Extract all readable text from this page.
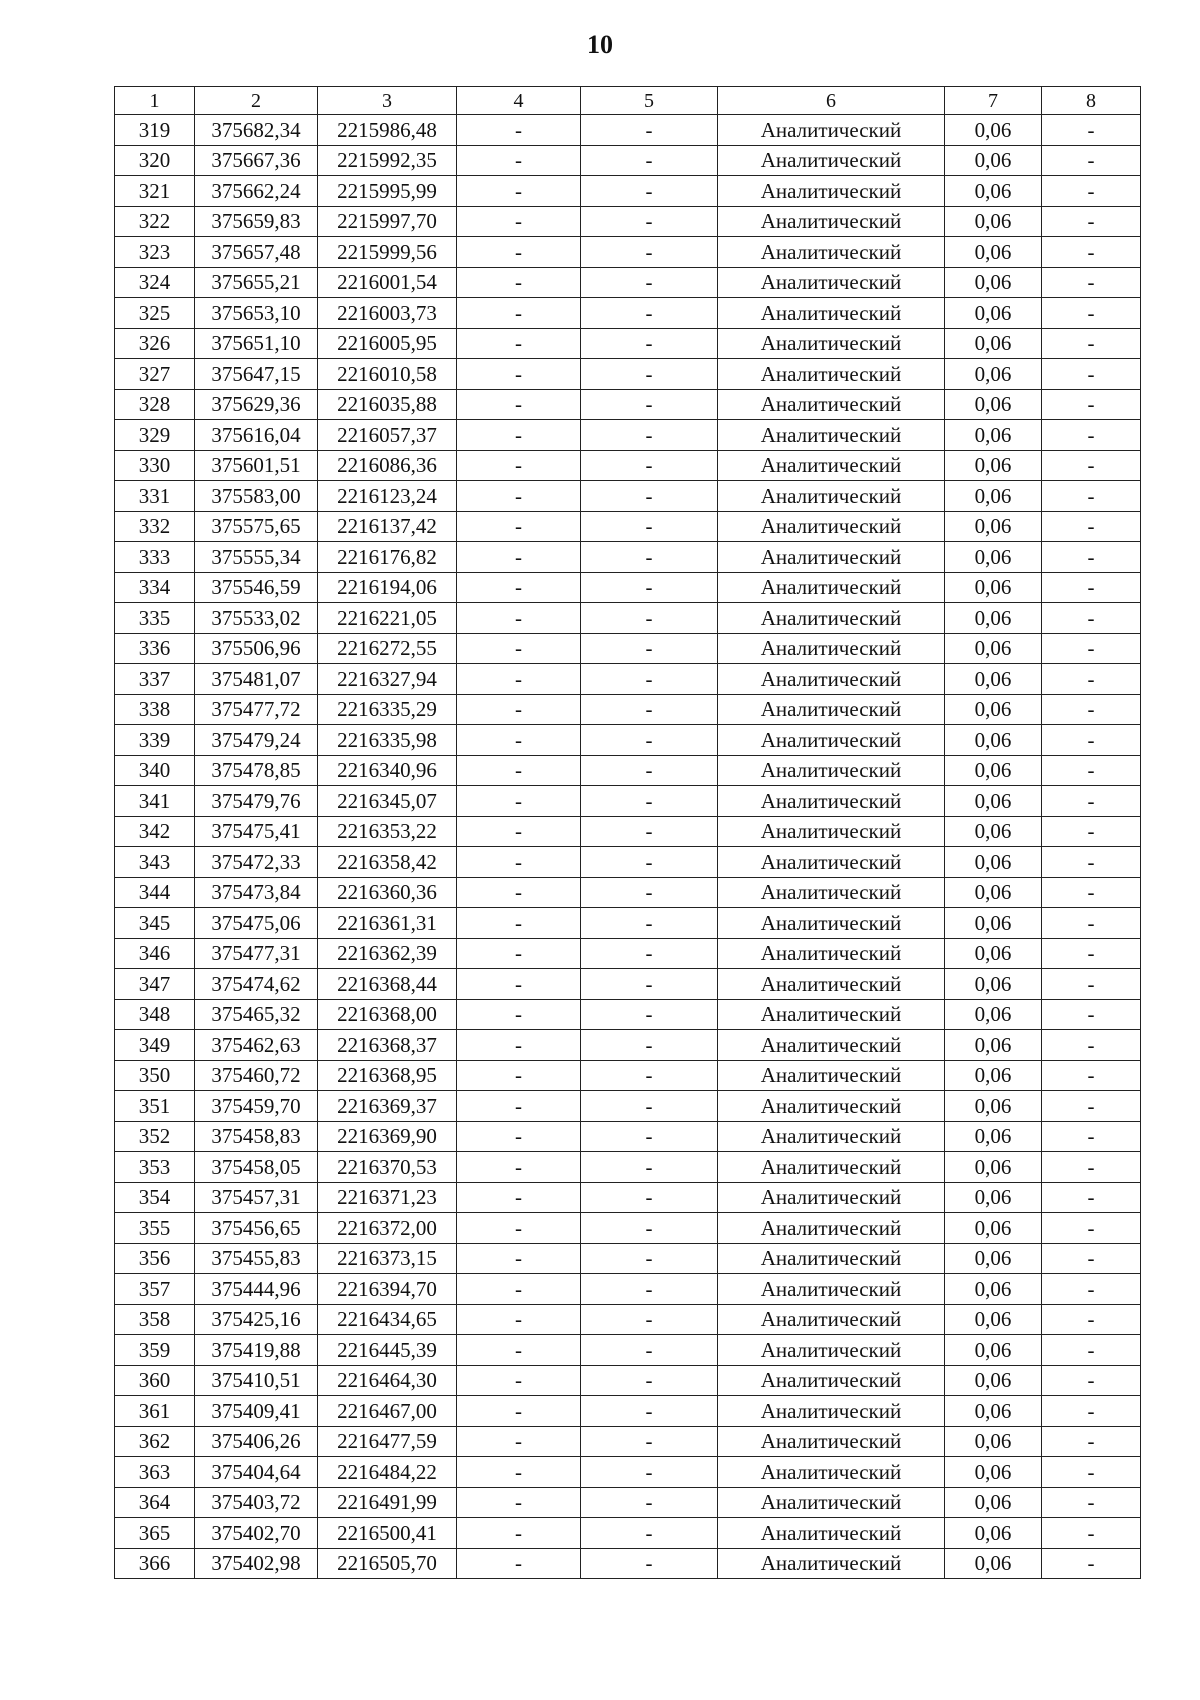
10
1	2	3	4	5	6	7	8
319	375682,34	2215986,48	-	-	Аналитический	0,06	-
320	375667,36	2215992,35	-	-	Аналитический	0,06	-
321	375662,24	2215995,99	-	-	Аналитический	0,06	-
322	375659,83	2215997,70	-	-	Аналитический	0,06	-
323	375657,48	2215999,56	-	-	Аналитический	0,06	-
324	375655,21	2216001,54	-	-	Аналитический	0,06	-
325	375653,10	2216003,73	-	-	Аналитический	0,06	-
326	375651,10	2216005,95	-	-	Аналитический	0,06	-
327	375647,15	2216010,58	-	-	Аналитический	0,06	-
328	375629,36	2216035,88	-	-	Аналитический	0,06	-
329	375616,04	2216057,37	-	-	Аналитический	0,06	-
330	375601,51	2216086,36	-	-	Аналитический	0,06	-
331	375583,00	2216123,24	-	-	Аналитический	0,06	-
332	375575,65	2216137,42	-	-	Аналитический	0,06	-
333	375555,34	2216176,82	-	-	Аналитический	0,06	-
334	375546,59	2216194,06	-	-	Аналитический	0,06	-
335	375533,02	2216221,05	-	-	Аналитический	0,06	-
336	375506,96	2216272,55	-	-	Аналитический	0,06	-
337	375481,07	2216327,94	-	-	Аналитический	0,06	-
338	375477,72	2216335,29	-	-	Аналитический	0,06	-
339	375479,24	2216335,98	-	-	Аналитический	0,06	-
340	375478,85	2216340,96	-	-	Аналитический	0,06	-
341	375479,76	2216345,07	-	-	Аналитический	0,06	-
342	375475,41	2216353,22	-	-	Аналитический	0,06	-
343	375472,33	2216358,42	-	-	Аналитический	0,06	-
344	375473,84	2216360,36	-	-	Аналитический	0,06	-
345	375475,06	2216361,31	-	-	Аналитический	0,06	-
346	375477,31	2216362,39	-	-	Аналитический	0,06	-
347	375474,62	2216368,44	-	-	Аналитический	0,06	-
348	375465,32	2216368,00	-	-	Аналитический	0,06	-
349	375462,63	2216368,37	-	-	Аналитический	0,06	-
350	375460,72	2216368,95	-	-	Аналитический	0,06	-
351	375459,70	2216369,37	-	-	Аналитический	0,06	-
352	375458,83	2216369,90	-	-	Аналитический	0,06	-
353	375458,05	2216370,53	-	-	Аналитический	0,06	-
354	375457,31	2216371,23	-	-	Аналитический	0,06	-
355	375456,65	2216372,00	-	-	Аналитический	0,06	-
356	375455,83	2216373,15	-	-	Аналитический	0,06	-
357	375444,96	2216394,70	-	-	Аналитический	0,06	-
358	375425,16	2216434,65	-	-	Аналитический	0,06	-
359	375419,88	2216445,39	-	-	Аналитический	0,06	-
360	375410,51	2216464,30	-	-	Аналитический	0,06	-
361	375409,41	2216467,00	-	-	Аналитический	0,06	-
362	375406,26	2216477,59	-	-	Аналитический	0,06	-
363	375404,64	2216484,22	-	-	Аналитический	0,06	-
364	375403,72	2216491,99	-	-	Аналитический	0,06	-
365	375402,70	2216500,41	-	-	Аналитический	0,06	-
366	375402,98	2216505,70	-	-	Аналитический	0,06	-
